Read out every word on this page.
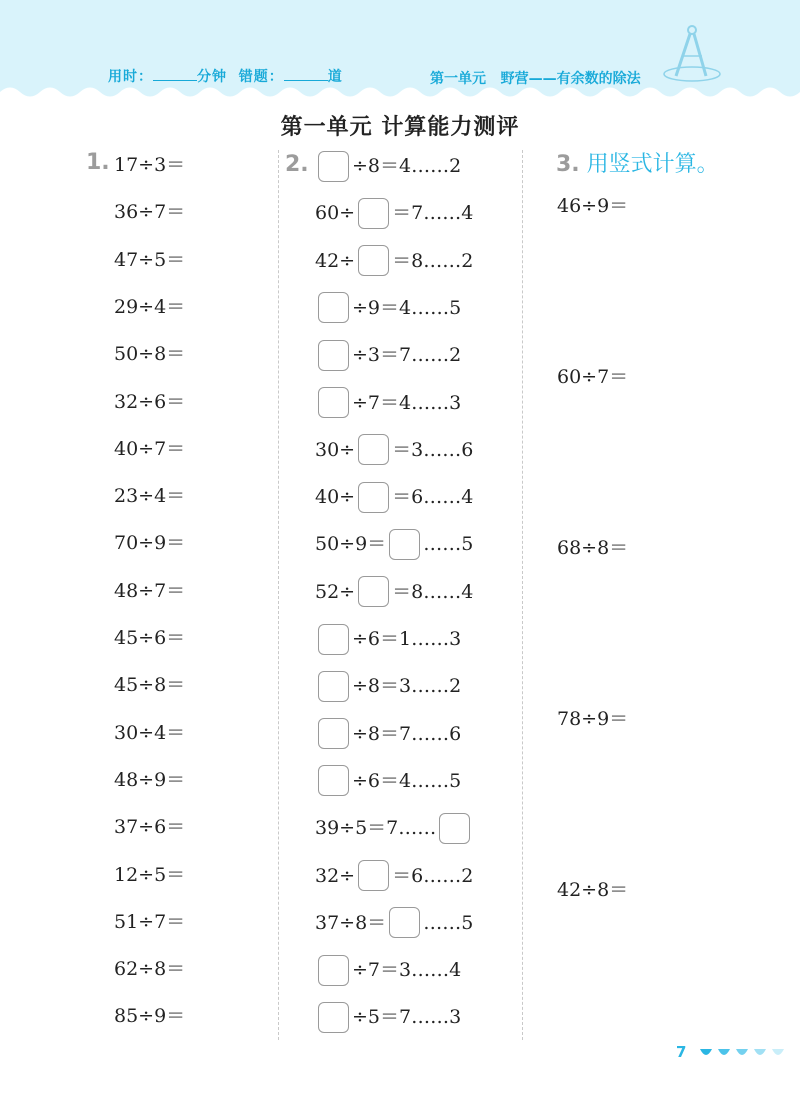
用时：	分钟 错题：	道	第一单元 野营——有余数的除法
第一单元 计算能力测评
1. 17÷3＝
36÷7＝
47÷5＝
29÷4＝
50÷8＝
32÷6＝
40÷7＝
23÷4＝
70÷9＝
48÷7＝
45÷6＝
45÷8＝
30÷4＝
48÷9＝
37÷6＝
12÷5＝
51÷7＝
62÷8＝
85÷9＝
2.	÷8＝4……2
60÷ ＝7……4
42÷ ＝8……2
÷9＝4……5
÷3＝7……2
÷7＝4……3
30÷ ＝3……6
40÷ ＝6……4
50÷9＝ ……5
52÷ ＝8……4
÷6＝1……3
÷8＝3……2
÷8＝7……6
÷6＝4……5
39÷5＝7……
32÷ ＝6……2
37÷8＝ ……5
÷7＝3……4
÷5＝7……3
3. 用竖式计算。
46÷9＝
60÷7＝
68÷8＝
78÷9＝
42÷8＝
7
